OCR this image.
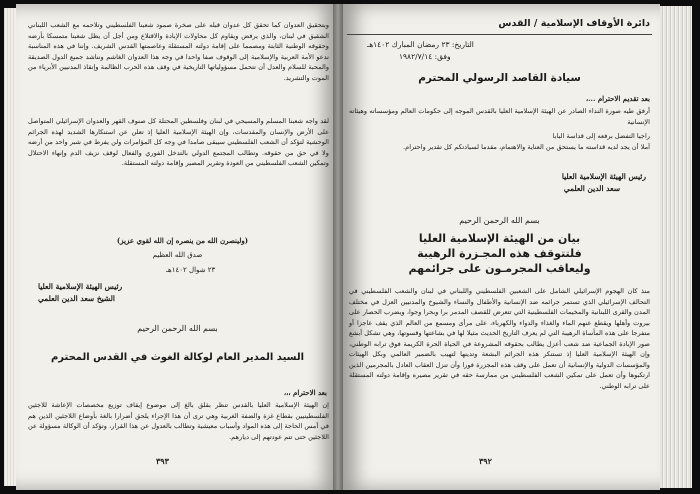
وبتحقيق العدوان كما تحقق كل عدوان قبله على صخرة صمود شعبنا الفلسطيني وتلاحمه مع الشعب اللبناني الشقيق في لبنان، والذي يرفض ويقاوم كل محاولات الإبادة والاقتلاع ومن أجل أن يظل شعبنا متمسكا بأرضه وحقوقه الوطنية الثابتة ومصمما على إقامة دولته المستقلة وعاصمتها القدس الشريف. وإننا في هذه المناسبة ندعو الأمة العربية والإسلامية إلى الوقوف صفا واحدا في وجه هذا العدوان الغاشم ونناشد جميع الدول الصديقة والمحبة للسلام والعدل أن تتحمل مسؤولياتها التاريخية في وقف هذه الحرب الظالمة وإنقاذ المدنيين الأبرياء من الموت والتشريد.
لقد واجه شعبنا المسلم والمسيحي في لبنان وفلسطين المحتلة كل صنوف القهر والعدوان الإسرائيلي المتواصل على الأرض والإنسان والمقدسات، وإن الهيئة الإسلامية العليا إذ تعلن عن استنكارها الشديد لهذه الجرائم الوحشية لتؤكد أن الشعب الفلسطيني سيبقى صامدا في وجه كل المؤامرات ولن يفرط في شبر واحد من أرضه ولا في حق من حقوقه. وتطالب المجتمع الدولي بالتدخل الفوري والفعال لوقف نزيف الدم وإنهاء الاحتلال وتمكين الشعب الفلسطيني من العودة وتقرير المصير وإقامة دولته المستقلة.
(ولينصرن الله من ينصره إن الله لقوي عزيز)
صدق الله العظيم
٢٣ شوال ١٤٠٢هـ
رئيس الهيئة الإسلامية العليا
الشيخ سعد الدين العلمي
بسم الله الرحمن الرحيم
السيد المدير العام لوكالة الغوث في القدس المحترم
بعد الاحترام ،،،
إن الهيئة الإسلامية العليا بالقدس تنظر بقلق بالغ إلى موضوع إيقاف توزيع مخصصات الإعاشة للاجئين الفلسطينيين بقطاع غزة والضفة الغربية وهي ترى أن هذا الإجراء يلحق أضرارا بالغة بأوضاع اللاجئين الذين هم في أمس الحاجة إلى هذه المواد وأسباب معيشية وتطالب بالعدول عن هذا القرار، وتؤكد أن الوكالة مسؤولة عن اللاجئين حتى تتم عودتهم إلى ديارهم.
٣٩٣
دائرة الأوقاف الإسلامية / القدس
التاريخ: ٢٣ رمضان المبارك ١٤٠٢هـ
وفق: ١٩٨٢/٧/١٤
سيادة القاصد الرسولي المحترم
بعد تقديم الاحترام ...،
أرفق طيه صورة النداء الصادر عن الهيئة الإسلامية العليا بالقدس الموجه إلى حكومات العالم ومؤسساته وهيئاته الإنسانية
راجيا التفضل برفعه إلى قداسة البابا
آملا أن يجد لديه قداسته ما يستحق من العناية والاهتمام، مقدما لسيادتكم كل تقدير واحترام.
رئيس الهيئة الإسلامية العليا
سعد الدين العلمي
بسم الله الرحمن الرحيم
بيان من الهيئة الإسلامية العليا
فلتتوقف هذه المجـزرة الرهيبة
وليعاقب المجرمـون على جرائمهم
منذ كان الهجوم الإسرائيلي الشامل على الشعبين الفلسطيني واللبناني في لبنان والشعب الفلسطيني في التحالف الإسرائيلي الذي تستمر جرائمه ضد الإنسانية والأطفال والنساء والشيوخ والمدنيين العزل في مختلف المدن والقرى اللبنانية والمخيمات الفلسطينية التي تتعرض للقصف المدمر برا وبحرا وجوا، ويضرب الحصار على بيروت وأهلها ويقطع عنهم الماء والغذاء والدواء والكهرباء، على مرأى ومسمع من العالم الذي يقف عاجزا أو متفرجا على هذه المأساة الرهيبة التي لم يعرف التاريخ الحديث مثيلا لها في بشاعتها وقسوتها، وهي تشكل أبشع صور الإبادة الجماعية ضد شعب أعزل يطالب بحقوقه المشروعة في الحياة الحرة الكريمة فوق ترابه الوطني، وإن الهيئة الإسلامية العليا إذ تستنكر هذه الجرائم البشعة وتدينها لتهيب بالضمير العالمي وبكل الهيئات والمؤسسات الدولية والإنسانية أن تعمل على وقف هذه المجزرة فورا وأن تنزل العقاب العادل بالمجرمين الذين ارتكبوها وأن تعمل على تمكين الشعب الفلسطيني من ممارسة حقه في تقرير مصيره وإقامة دولته المستقلة على ترابه الوطني.
٣٩٢
